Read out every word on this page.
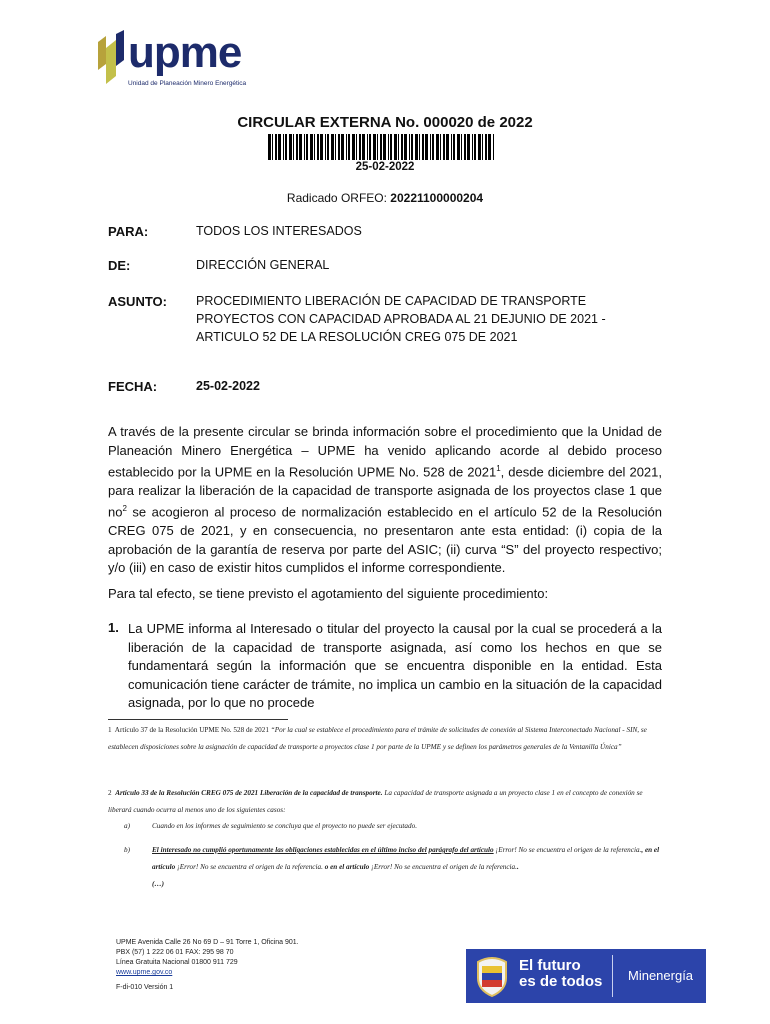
upme
Unidad de Planeación Minero Energética
CIRCULAR EXTERNA No. 000020 de 2022
25-02-2022
Radicado ORFEO: 20221100000204
PARA:	TODOS LOS INTERESADOS
DE:	DIRECCIÓN GENERAL
ASUNTO: PROCEDIMIENTO LIBERACIÓN DE CAPACIDAD DE TRANSPORTE PROYECTOS CON CAPACIDAD APROBADA AL 21 DEJUNIO DE 2021 - ARTICULO 52 DE LA RESOLUCIÓN CREG 075 DE 2021
FECHA:	25-02-2022
A través de la presente circular se brinda información sobre el procedimiento que la Unidad de Planeación Minero Energética – UPME ha venido aplicando acorde al debido proceso establecido por la UPME en la Resolución UPME No. 528 de 2021$^1$, desde diciembre del 2021, para realizar la liberación de la capacidad de transporte asignada de los proyectos clase 1 que $no^2$ se acogieron al proceso de normalización establecido en el artículo 52 de la Resolución CREG 075 de 2021, y en consecuencia, no presentaron ante esta entidad: (i) copia de la aprobación de la garantía de reserva por parte del ASIC; (ii) curva “S” del proyecto respectivo; y/o (iii) en caso de existir hitos cumplidos el informe correspondiente.
Para tal efecto, se tiene previsto el agotamiento del siguiente procedimiento:
1. La UPME informa al Interesado o titular del proyecto la causal por la cual se procederá a la liberación de la capacidad de transporte asignada, así como los hechos en que se fundamentará según la información que se encuentra disponible en la entidad. Esta comunicación tiene carácter de trámite, no implica un cambio en la situación de la capacidad asignada, por lo que no procede
1 Artículo 37 de la Resolución UPME No. 528 de 2021 “Por la cual se establece el procedimiento para el trámite de solicitudes de conexión al Sistema Interconectado Nacional - SIN, se establecen disposiciones sobre la asignación de capacidad de transporte a proyectos clase 1 por parte de la UPME y se definen los parámetros generales de la Ventanilla Única”
2 Artículo 33 de la Resolución CREG 075 de 2021 Liberación de la capacidad de transporte. La capacidad de transporte asignada a un proyecto clase 1 en el concepto de conexión se liberará cuando ocurra al menos uno de los siguientes casos:
a)	Cuando en los informes de seguimiento se concluya que el proyecto no puede ser ejecutado.
b)	El interesado no cumplió oportunamente las obligaciones establecidas en el último inciso del parágrafo del artículo ¡Error! No se encuentra el origen de la referencia., en el artículo ¡Error! No se encuentra el origen de la referencia. o en el artículo ¡Error! No se encuentra el origen de la referencia..
(…)
UPME Avenida Calle 26 No 69 D – 91 Torre 1, Oficina 901.
PBX (57) 1 222 06 01 FAX: 295 98 70
Línea Gratuita Nacional 01800 911 729
www.upme.gov.co
F-di-010 Versión 1
El futuro
es de todos Minenergía
